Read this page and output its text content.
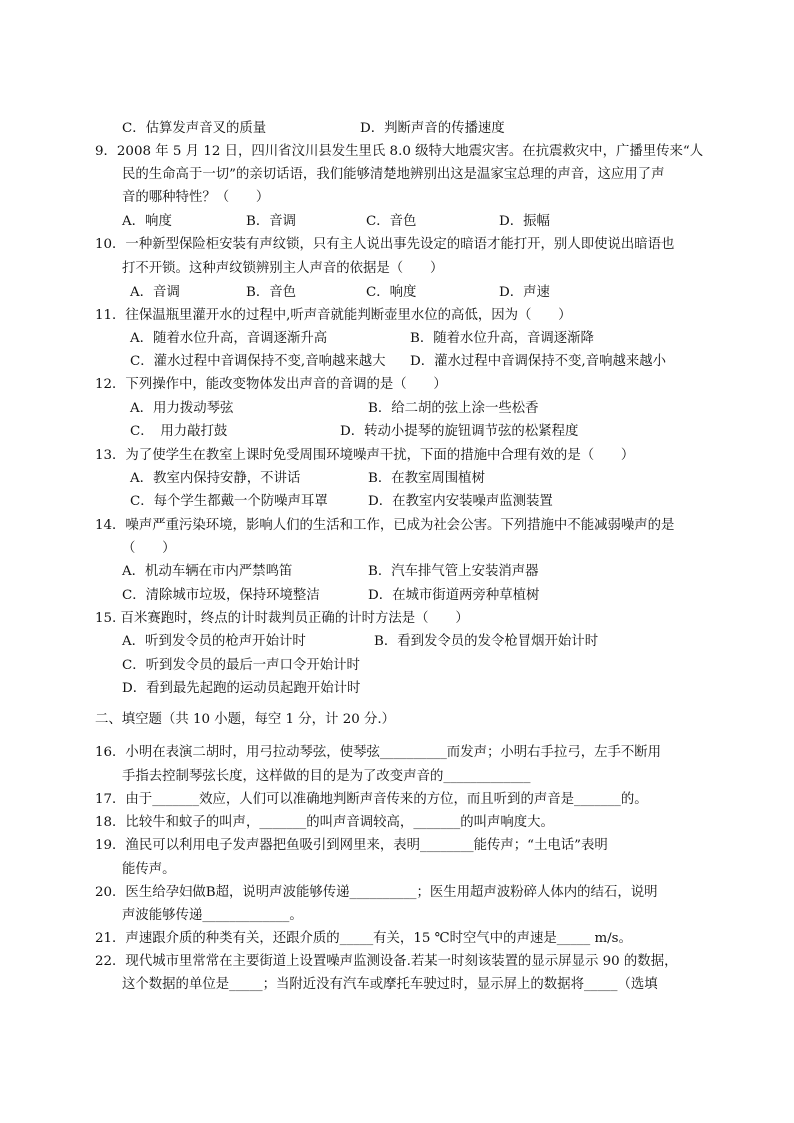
C．估算发声音叉的质量	D．判断声音的传播速度
9．2008 年 5 月 12 日，四川省汶川县发生里氏 8.0 级特大地震灾害。在抗震救灾中，广播里传来“人
民的生命高于一切”的亲切话语，我们能够清楚地辨别出这是温家宝总理的声音，这应用了声
音的哪种特性？（　　）
A．响度	B．音调	C．音色	D．振幅
10．一种新型保险柜安装有声纹锁，只有主人说出事先设定的暗语才能打开，别人即使说出暗语也
打不开锁。这种声纹锁辨别主人声音的依据是（　　）
A．音调	B．音色	C．响度	D．声速
11．往保温瓶里灌开水的过程中,听声音就能判断壶里水位的高低，因为（　　）
A．随着水位升高，音调逐渐升高	B．随着水位升高，音调逐渐降
C．灌水过程中音调保持不变,音响越来越大 D．灌水过程中音调保持不变,音响越来越小
12．下列操作中，能改变物体发出声音的音调的是（　　）
A．用力拨动琴弦	B．给二胡的弦上涂一些松香
C．　用力敲打鼓	D．转动小提琴的旋钮调节弦的松紧程度
13．为了使学生在教室上课时免受周围环境噪声干扰，下面的措施中合理有效的是（　　）
A．教室内保持安静，不讲话	B．在教室周围植树
C．每个学生都戴一个防噪声耳罩	D．在教室内安装噪声监测装置
14．噪声严重污染环境，影响人们的生活和工作，已成为社会公害。下列措施中不能减弱噪声的是
（　　）
A．机动车辆在市内严禁鸣笛	B．汽车排气管上安装消声器
C．清除城市垃圾，保持环境整洁	D．在城市街道两旁种草植树
15. 百米赛跑时，终点的计时裁判员正确的计时方法是（　　）
A．听到发令员的枪声开始计时	B．看到发令员的发令枪冒烟开始计时
C．听到发令员的最后一声口令开始计时
D．看到最先起跑的运动员起跑开始计时
二、填空题（共 10 小题，每空 1 分，计 20 分.）
16．小明在表演二胡时，用弓拉动琴弦，使琴弦__________而发声；小明右手拉弓，左手不断用
手指去控制琴弦长度，这样做的目的是为了改变声音的_____________
17．由于_______效应，人们可以准确地判断声音传来的方位，而且听到的声音是_______的。
18．比较牛和蚊子的叫声，_______的叫声音调较高，_______的叫声响度大。
19．渔民可以利用电子发声器把鱼吸引到网里来，表明________能传声；“土电话”表明
能传声。
20．医生给孕妇做B超，说明声波能够传递__________；医生用超声波粉碎人体内的结石，说明
声波能够传递_____________。
21．声速跟介质的种类有关，还跟介质的_____有关，15 ℃时空气中的声速是_____ m/s。
22．现代城市里常常在主要街道上设置噪声监测设备.若某一时刻该装置的显示屏显示 90 的数据，
这个数据的单位是_____；当附近没有汽车或摩托车驶过时，显示屏上的数据将_____（选填
